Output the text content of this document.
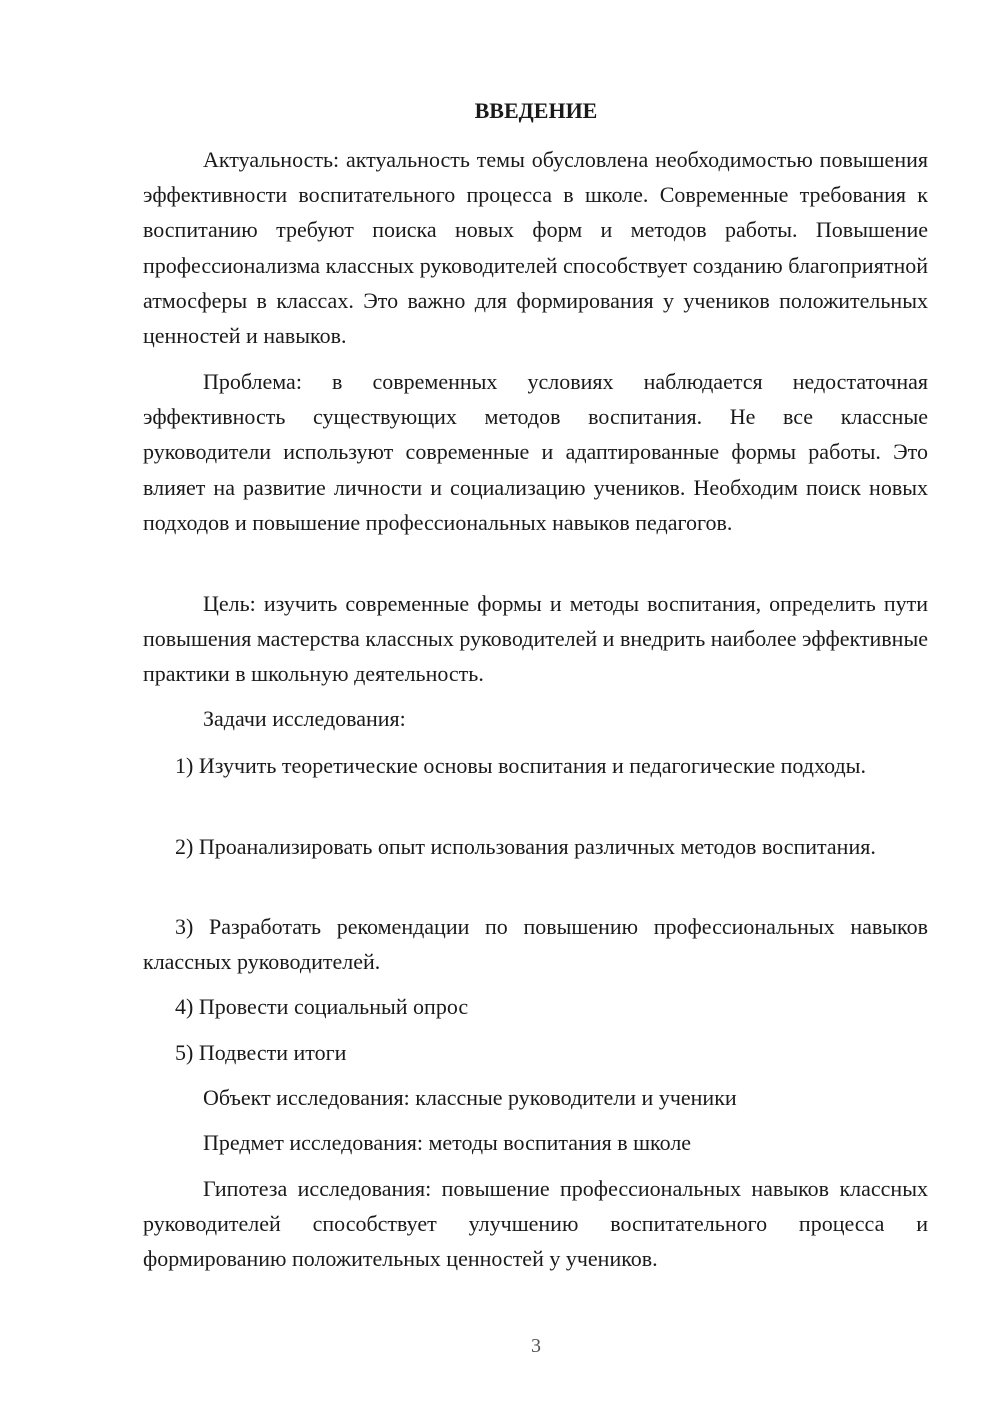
ВВЕДЕНИЕ

Актуальность: актуальность темы обусловлена необходимостью повышения эффективности воспитательного процесса в школе. Современные требования к воспитанию требуют поиска новых форм и методов работы. Повышение профессионализма классных руководителей способствует созданию благоприятной атмосферы в классах. Это важно для формирования у учеников положительных ценностей и навыков.

Проблема: в современных условиях наблюдается недостаточная эффективность существующих методов воспитания. Не все классные руководители используют современные и адаптированные формы работы. Это влияет на развитие личности и социализацию учеников. Необходим поиск новых подходов и повышение профессиональных навыков педагогов.

Цель: изучить современные формы и методы воспитания, определить пути повышения мастерства классных руководителей и внедрить наиболее эффективные практики в школьную деятельность.

Задачи исследования:

1) Изучить теоретические основы воспитания и педагогические подходы.

2) Проанализировать опыт использования различных методов воспитания.

3) Разработать рекомендации по повышению профессиональных навыков классных руководителей.

4) Провести социальный опрос

5) Подвести итоги

Объект исследования: классные руководители и ученики

Предмет исследования: методы воспитания в школе

Гипотеза исследования: повышение профессиональных навыков классных руководителей способствует улучшению воспитательного процесса и формированию положительных ценностей у учеников.

3
